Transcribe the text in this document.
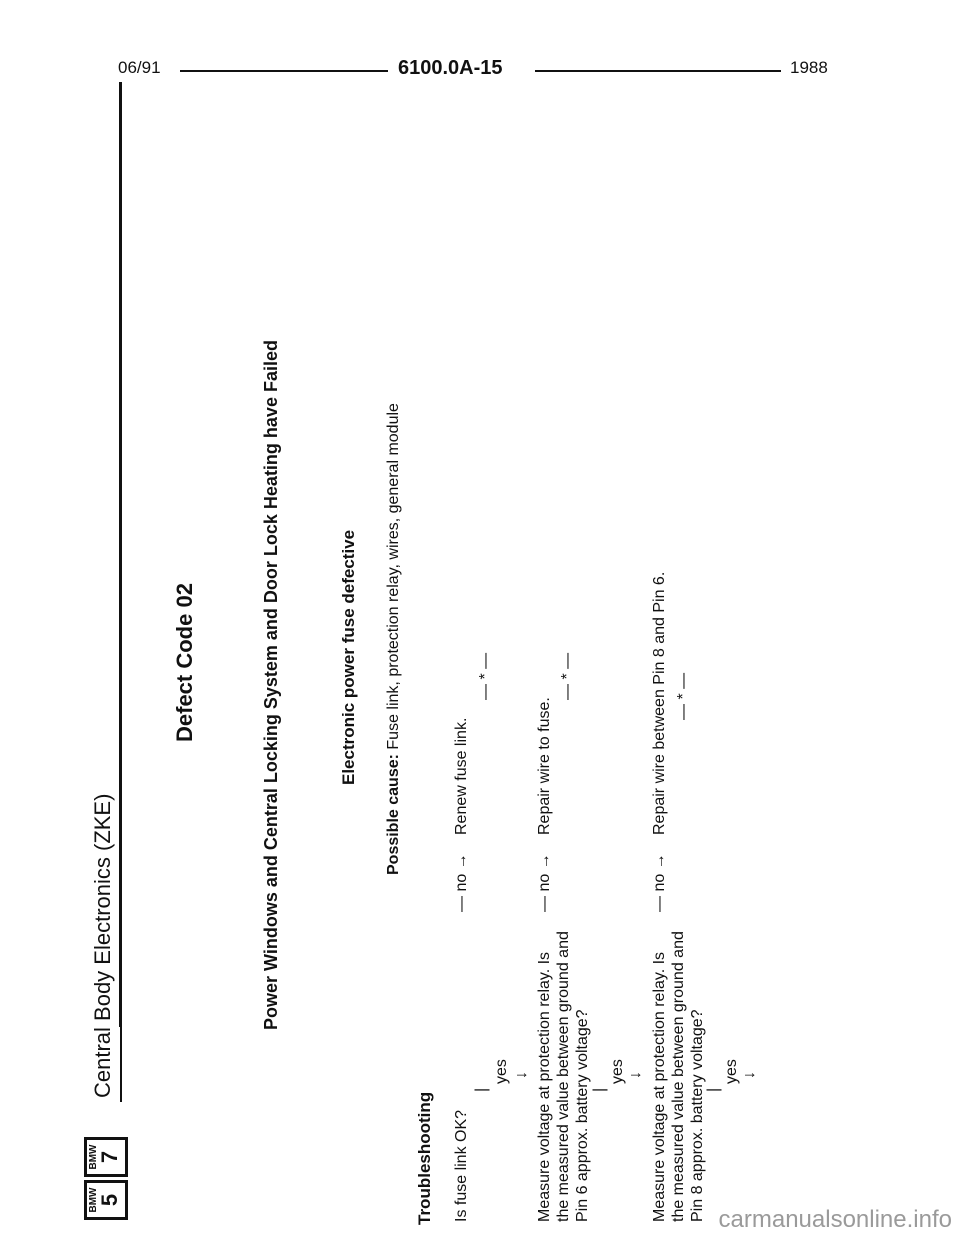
06/91	6100.0A-15	1988
BMW
5
BMW
7
Central Body Electronics (ZKE)
Defect Code 02	Power Windows and Central Locking System and Door Lock Heating have Failed	Electronic power fuse defective
Possible cause: Fuse link, protection relay, wires, general module
Troubleshooting Is fuse link OK?
— no →
Renew fuse link.
— * —
|
yes ↓ Measure voltage at protection relay. Is the measured value between ground and Pin 6 approx. battery voltage?
— no →
Repair wire to fuse.
— * —
|
yes ↓ Measure voltage at protection relay. Is the measured value between ground and Pin 8 approx. battery voltage?
— no →
Repair wire between Pin 8 and Pin 6. — * —
|
yes ↓
carmanualsonline.info
